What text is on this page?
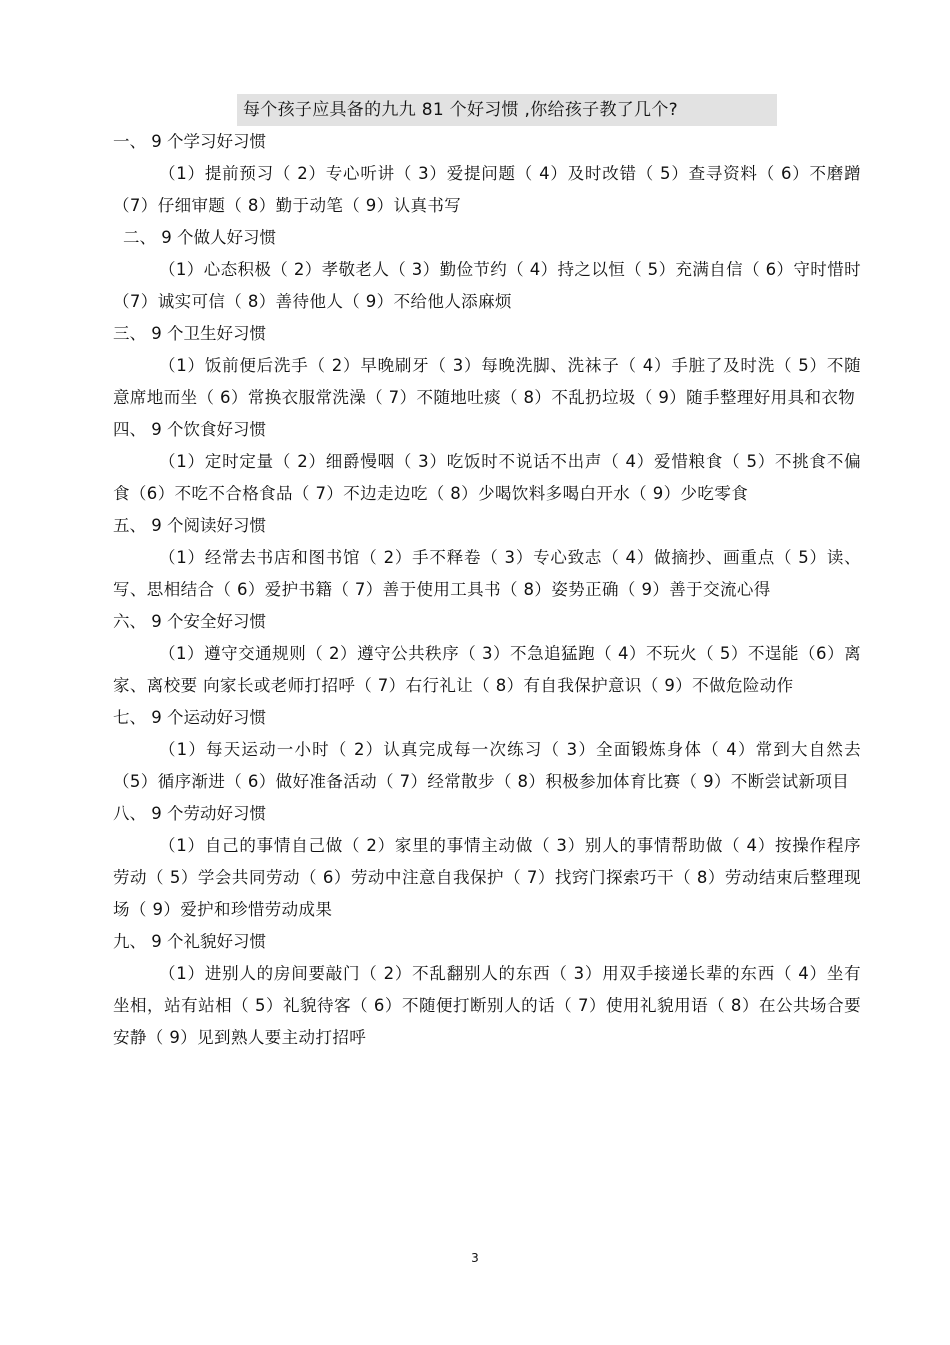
每个孩子应具备的九九 81 个好习惯 ,你给孩子教了几个?

一、 9 个学习好习惯

（1）提前预习（ 2）专心听讲（ 3）爱提问题（ 4）及时改错（ 5）查寻资料（ 6）不磨蹭（7）仔细审题（ 8）勤于动笔（ 9）认真书写

二、 9 个做人好习惯

（1）心态积极（ 2）孝敬老人（ 3）勤俭节约（ 4）持之以恒（ 5）充满自信（ 6）守时惜时（7）诚实可信（ 8）善待他人（ 9）不给他人添麻烦

三、 9 个卫生好习惯

（1）饭前便后洗手（ 2）早晚刷牙（ 3）每晚洗脚、洗袜子（ 4）手脏了及时洗（ 5）不随意席地而坐（ 6）常换衣服常洗澡（ 7）不随地吐痰（ 8）不乱扔垃圾（ 9）随手整理好用具和衣物

四、 9 个饮食好习惯

（1）定时定量（ 2）细爵慢咽（ 3）吃饭时不说话不出声（ 4）爱惜粮食（ 5）不挑食不偏食（6）不吃不合格食品（ 7）不边走边吃（ 8）少喝饮料多喝白开水（ 9）少吃零食

五、 9 个阅读好习惯

（1）经常去书店和图书馆（ 2）手不释卷（ 3）专心致志（ 4）做摘抄、画重点（ 5）读、写、思相结合（ 6）爱护书籍（ 7）善于使用工具书（ 8）姿势正确（ 9）善于交流心得

六、 9 个安全好习惯

（1）遵守交通规则（ 2）遵守公共秩序（ 3）不急追猛跑（ 4）不玩火（ 5）不逞能（6）离家、离校要 向家长或老师打招呼（ 7）右行礼让（ 8）有自我保护意识（ 9）不做危险动作

七、 9 个运动好习惯

（1）每天运动一小时（ 2）认真完成每一次练习（ 3）全面锻炼身体（ 4）常到大自然去（5）循序渐进（ 6）做好准备活动（ 7）经常散步（ 8）积极参加体育比赛（ 9）不断尝试新项目

八、 9 个劳动好习惯

（1）自己的事情自己做（ 2）家里的事情主动做（ 3）别人的事情帮助做（ 4）按操作程序劳动（ 5）学会共同劳动（ 6）劳动中注意自我保护（ 7）找窍门探索巧干（ 8）劳动结束后整理现场（ 9）爱护和珍惜劳动成果

九、 9 个礼貌好习惯

（1）进别人的房间要敲门（ 2）不乱翻别人的东西（ 3）用双手接递长辈的东西（ 4）坐有坐相，站有站相（ 5）礼貌待客（ 6）不随便打断别人的话（ 7）使用礼貌用语（ 8）在公共场合要安静（ 9）见到熟人要主动打招呼

3
